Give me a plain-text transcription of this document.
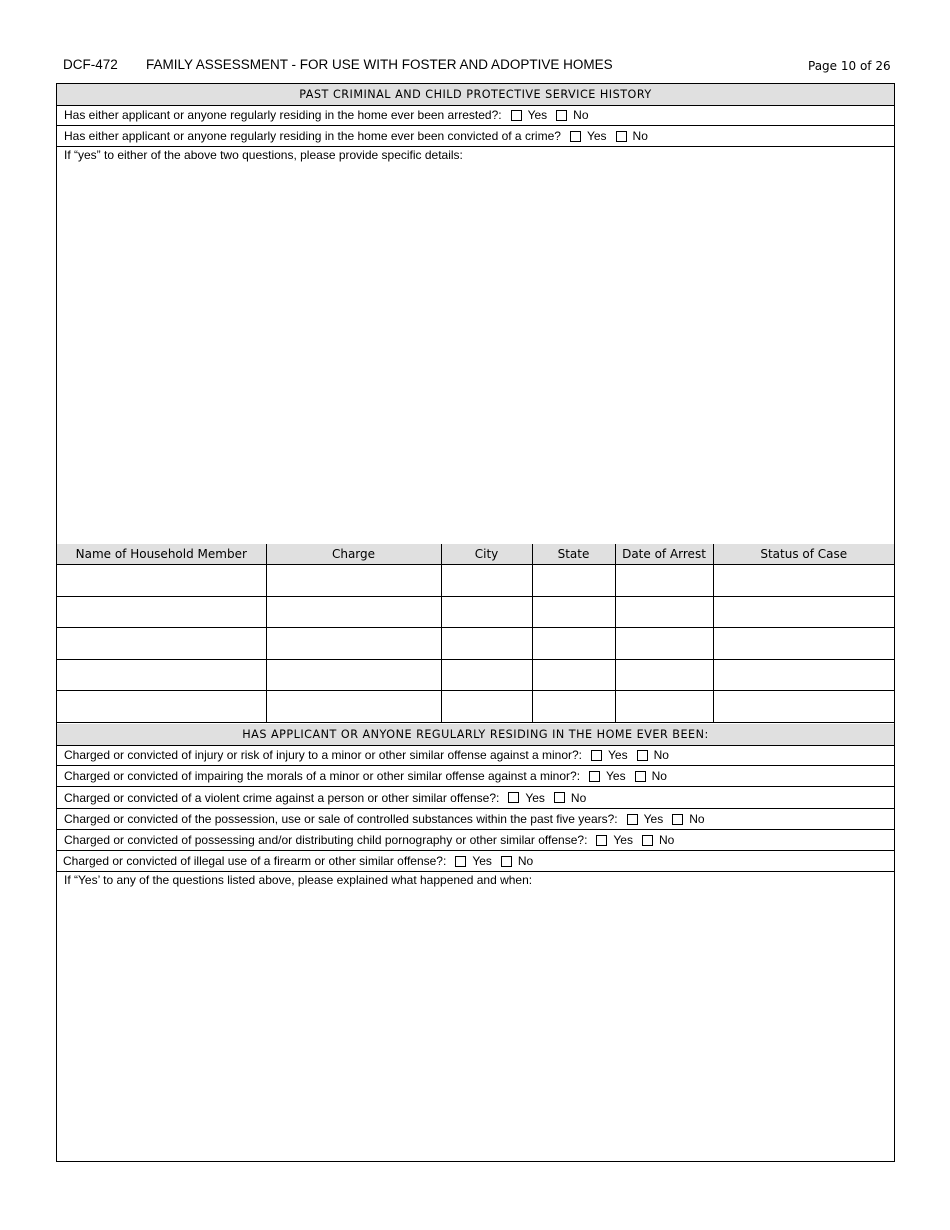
DCF-472 FAMILY ASSESSMENT - FOR USE WITH FOSTER AND ADOPTIVE HOMES	Page 10 of 26
PAST CRIMINAL AND CHILD PROTECTIVE SERVICE HISTORY
Has either applicant or anyone regularly residing in the home ever been arrested?: Yes No
Has either applicant or anyone regularly residing in the home ever been convicted of a crime? Yes No
If “yes” to either of the above two questions, please provide specific details:
Name of Household Member	Charge	City	State	Date of Arrest	Status of Case

HAS APPLICANT OR ANYONE REGULARLY RESIDING IN THE HOME EVER BEEN:
Charged or convicted of injury or risk of injury to a minor or other similar offense against a minor?: Yes No
Charged or convicted of impairing the morals of a minor or other similar offense against a minor?: Yes No
Charged or convicted of a violent crime against a person or other similar offense?: Yes No
Charged or convicted of the possession, use or sale of controlled substances within the past five years?: Yes No
Charged or convicted of possessing and/or distributing child pornography or other similar offense?: Yes No
Charged or convicted of illegal use of a firearm or other similar offense?: Yes No
If “Yes’ to any of the questions listed above, please explained what happened and when:
